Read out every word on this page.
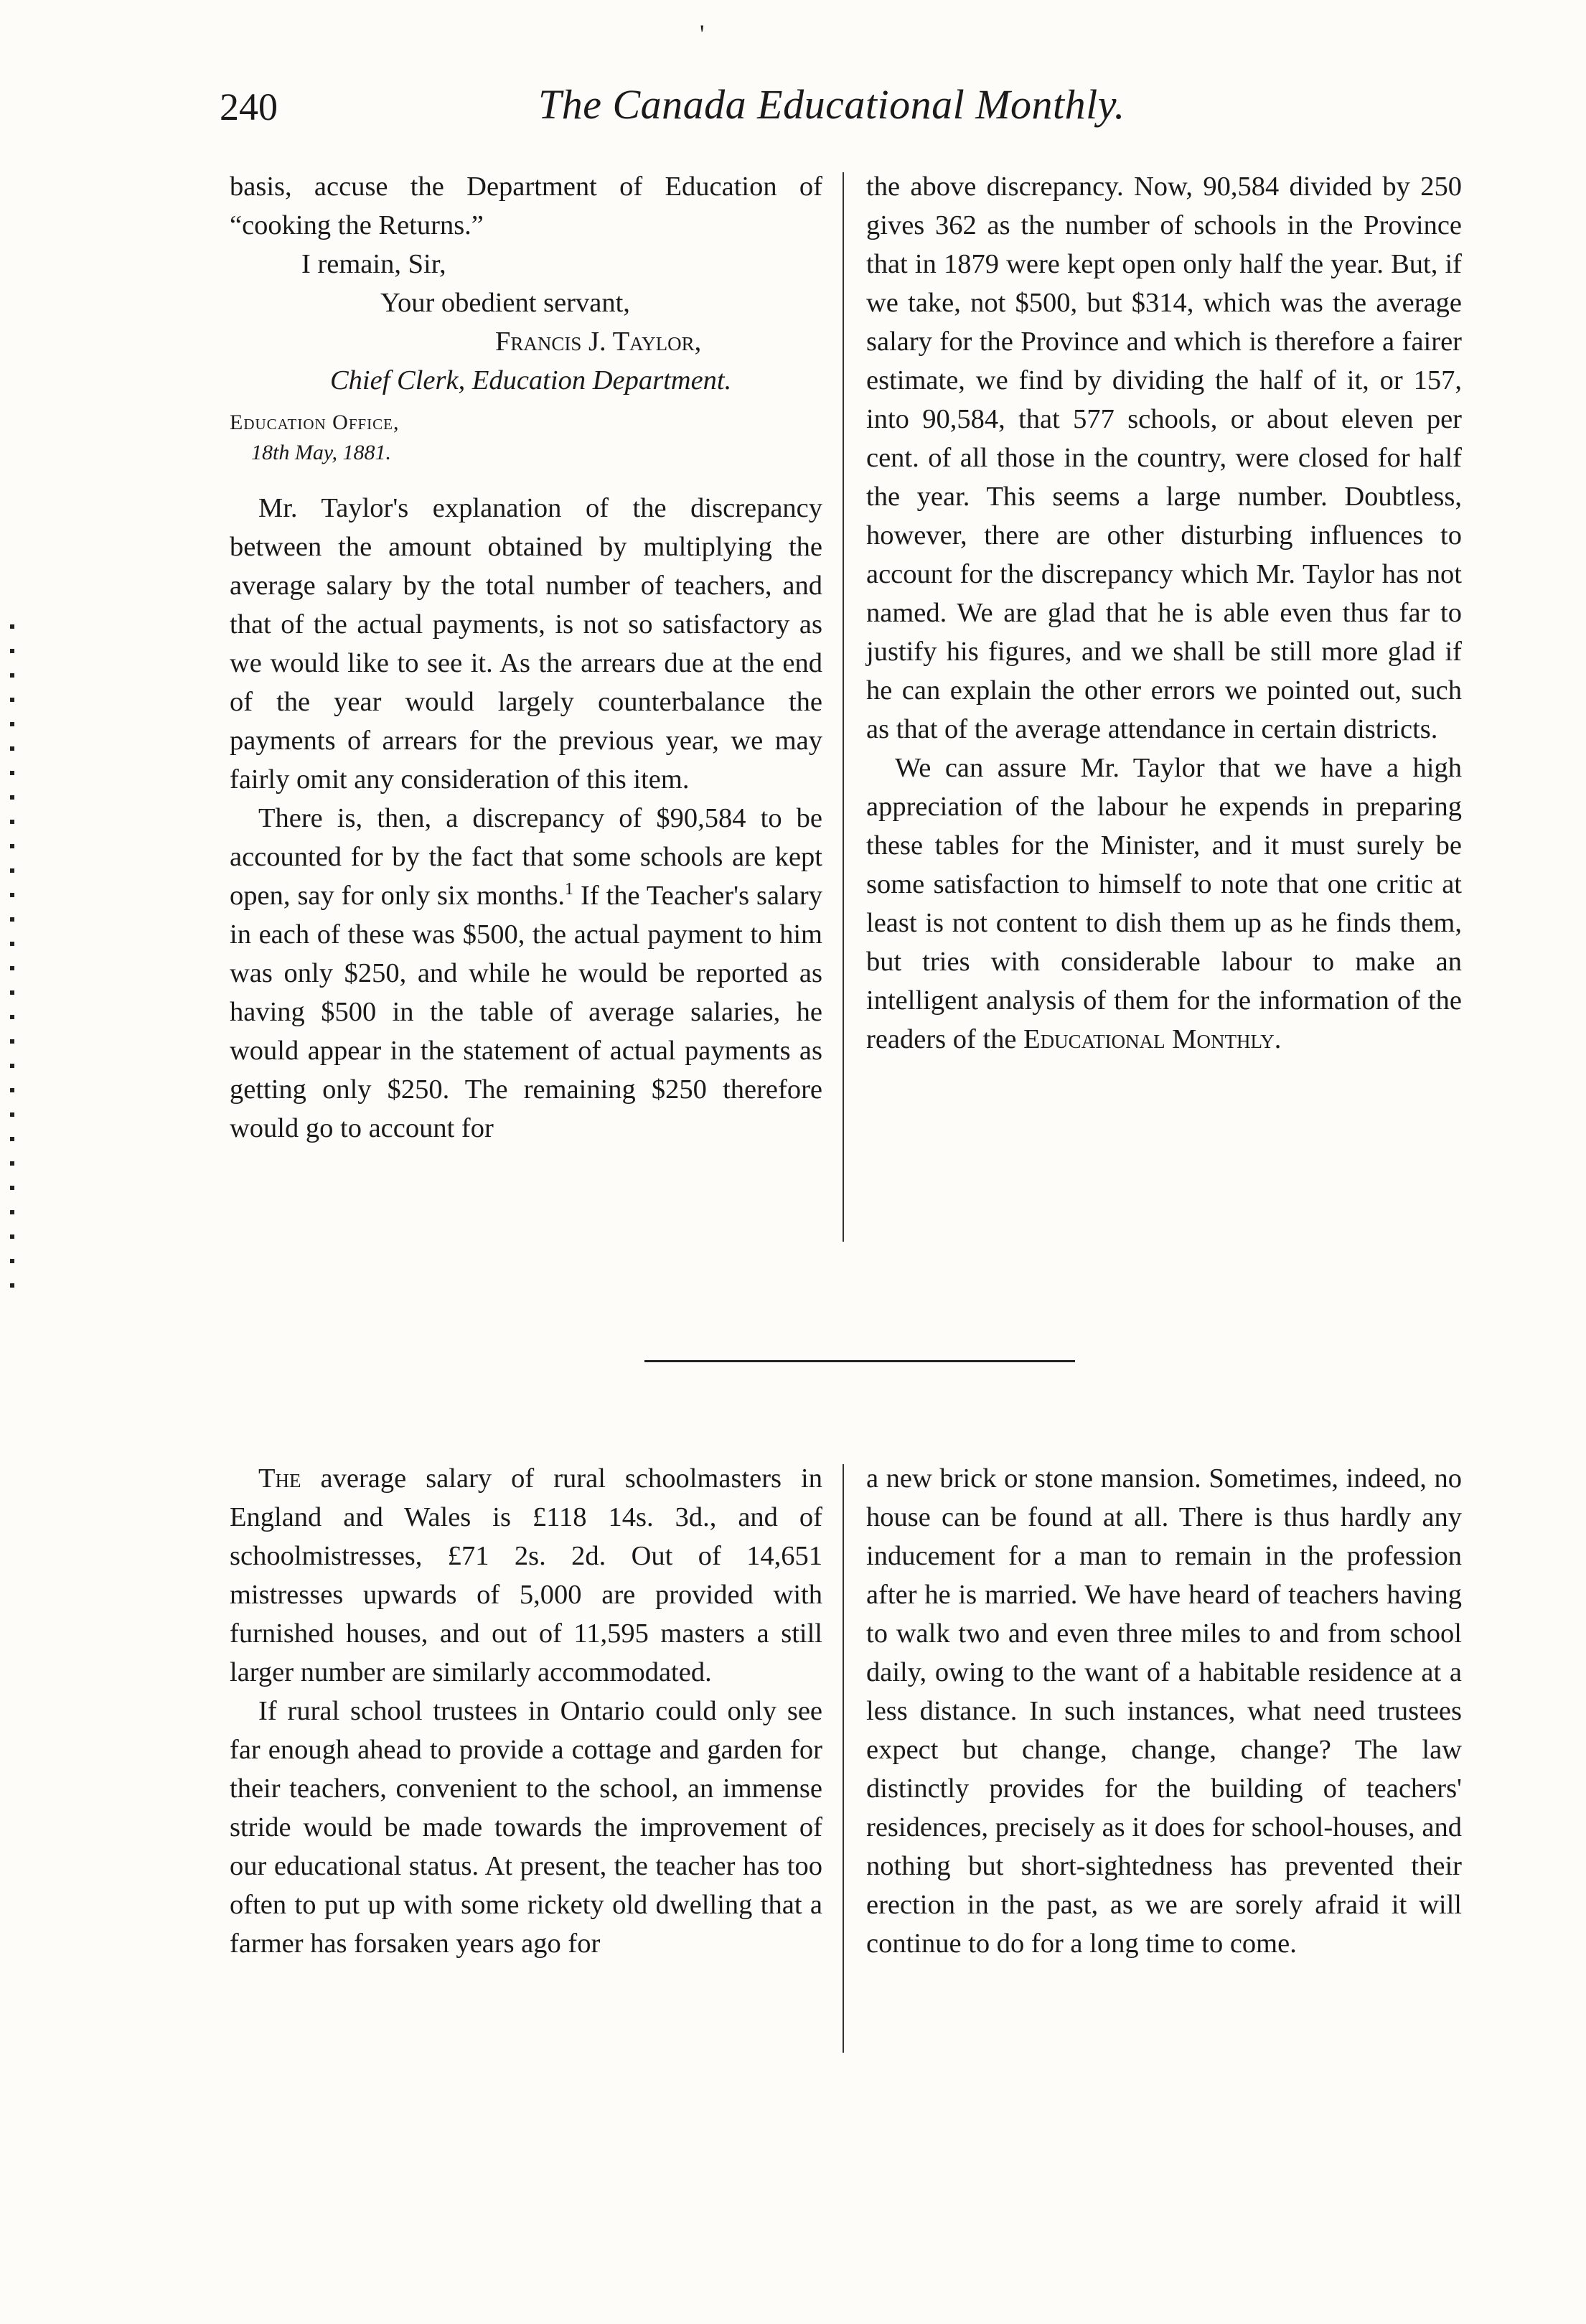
'
240	The Canada Educational Monthly.

basis, accuse the Department of Education of “cooking the Returns.”

I remain, Sir,

Your obedient servant,

Francis J. Taylor,

Chief Clerk, Education Department.

Education Office,

18th May, 1881.

Mr. Taylor's explanation of the discrepancy between the amount obtained by multiplying the average salary by the total number of teachers, and that of the actual payments, is not so satisfactory as we would like to see it. As the arrears due at the end of the year would largely counterbalance the payments of arrears for the previous year, we may fairly omit any consideration of this item.

There is, then, a discrepancy of $90,584 to be accounted for by the fact that some schools are kept open, say for only six months.$^1$ If the Teacher's salary in each of these was $500, the actual payment to him was only $250, and while he would be reported as having $500 in the table of average salaries, he would appear in the statement of actual payments as getting only $250. The remaining $250 therefore would go to account for

the above discrepancy. Now, 90,584 divided by 250 gives 362 as the number of schools in the Province that in 1879 were kept open only half the year. But, if we take, not $500, but $314, which was the average salary for the Province and which is therefore a fairer estimate, we find by dividing the half of it, or 157, into 90,584, that 577 schools, or about eleven per cent. of all those in the country, were closed for half the year. This seems a large number. Doubtless, however, there are other disturbing influences to account for the discrepancy which Mr. Taylor has not named. We are glad that he is able even thus far to justify his figures, and we shall be still more glad if he can explain the other errors we pointed out, such as that of the average attendance in certain districts.

We can assure Mr. Taylor that we have a high appreciation of the labour he expends in preparing these tables for the Minister, and it must surely be some satisfaction to himself to note that one critic at least is not content to dish them up as he finds them, but tries with considerable labour to make an intelligent analysis of them for the information of the readers of the Educational Monthly.

The average salary of rural schoolmasters in England and Wales is £118 14s. 3d., and of schoolmistresses, £71 2s. 2d. Out of 14,651 mistresses upwards of 5,000 are provided with furnished houses, and out of 11,595 masters a still larger number are similarly accommodated.

If rural school trustees in Ontario could only see far enough ahead to provide a cottage and garden for their teachers, convenient to the school, an immense stride would be made towards the improvement of our educational status. At present, the teacher has too often to put up with some rickety old dwelling that a farmer has forsaken years ago for

a new brick or stone mansion. Sometimes, indeed, no house can be found at all. There is thus hardly any inducement for a man to remain in the profession after he is married. We have heard of teachers having to walk two and even three miles to and from school daily, owing to the want of a habitable residence at a less distance. In such instances, what need trustees expect but change, change, change? The law distinctly provides for the building of teachers' residences, precisely as it does for school-houses, and nothing but short-sightedness has prevented their erection in the past, as we are sorely afraid it will continue to do for a long time to come.
